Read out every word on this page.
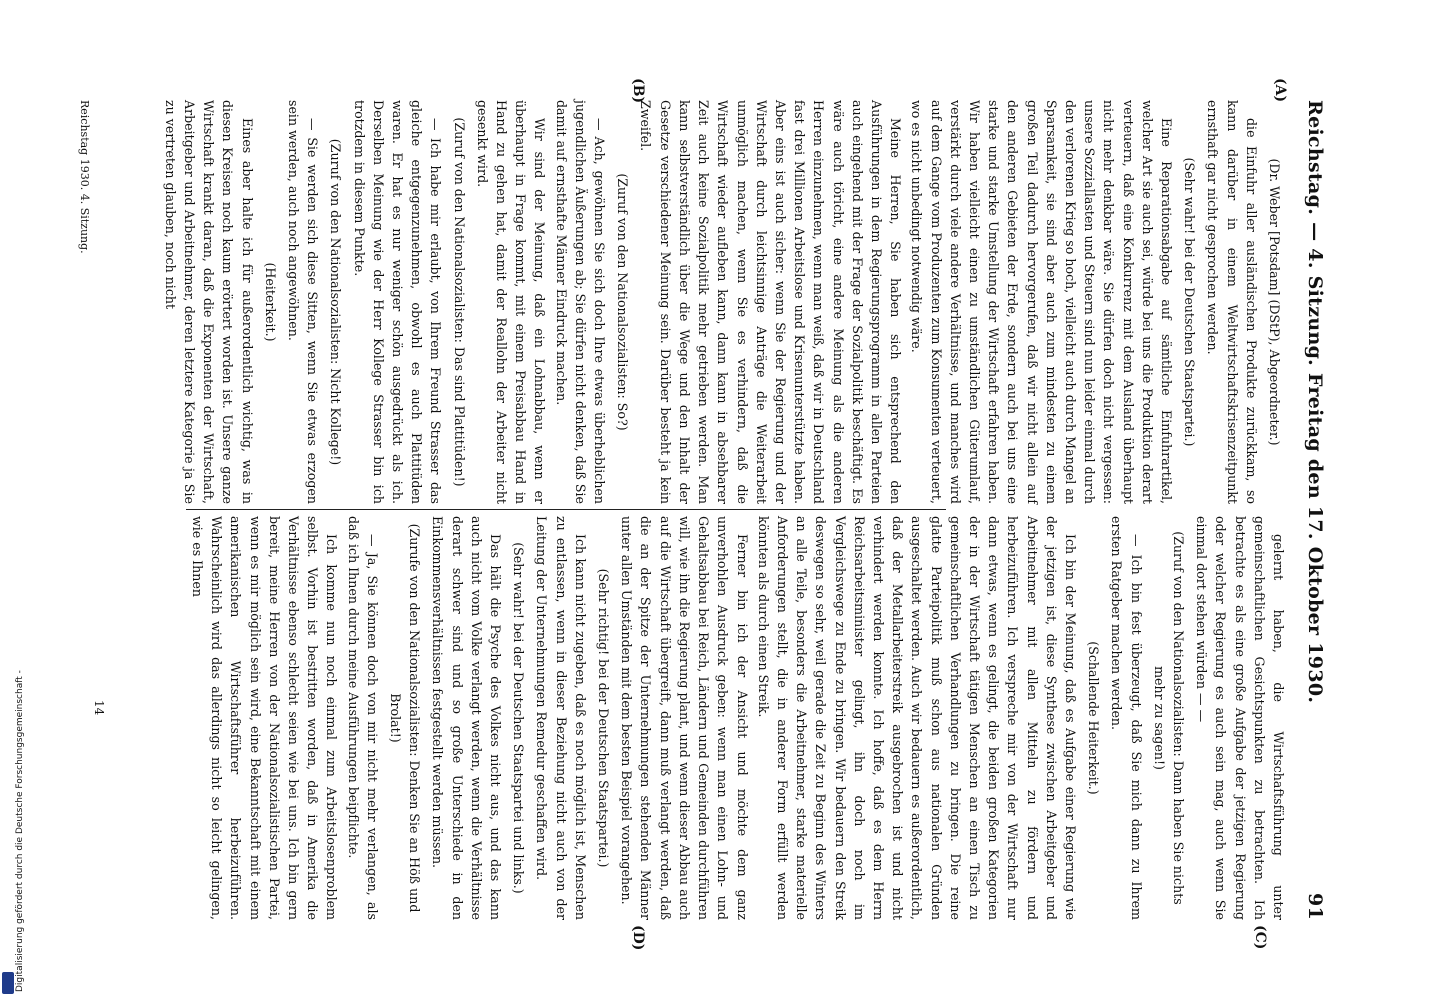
Reichstag. — 4. Sitzung. Freitag den 17. Oktober 1930.
91
(A)
(B)
(C)
(D)

(Dr. Weber [Potsdam] (DStP), Abgeordneter.)

die Einfuhr aller ausländischen Produkte zurückkam, so kann darüber in einem Weltwirtschaftskrisenzeitpunkt ernsthaft gar nicht gesprochen werden.

(Sehr wahr! bei der Deutschen Staatspartei.)

Eine Reparationsabgabe auf sämtliche Einfuhrartikel, welcher Art sie auch sei, würde bei uns die Produktion derart verteuern, daß eine Konkurrenz mit dem Ausland überhaupt nicht mehr denkbar wäre. Sie dürfen doch nicht vergessen: unsere Sozziallasten und Steuern sind nun leider einmal durch den verlorenen Krieg so hoch, vielleicht auch durch Mangel an Sparsamkeit, sie sind aber auch zum mindesten zu einem großen Teil dadurch hervorgerufen, daß wir nicht allein auf den anderen Gebieten der Erde, sondern auch bei uns eine starke und starke Umstellung der Wirtschaft erfahren haben. Wir haben vielleicht einen zu umständlichen Güterumlauf, verstärkt durch viele andere Verhältnisse, und manches wird auf dem Gange vom Produzenten zum Konsumenten verteuert, wo es nicht unbedingt notwendig wäre.

Meine Herren, Sie haben sich entsprechend den Ausführungen in dem Regierungsprogramm in allen Parteien auch eingehend mit der Frage der Sozialpolitik beschäftigt. Es wäre auch töricht, eine andere Meinung als die anderen Herren einzunehmen, wenn man weiß, daß wir in Deutschland fast drei Millionen Arbeitslose und Krisenunterstützte haben. Aber eins ist auch sicher: wenn Sie der Regierung und der Wirtschaft durch leichtsinnige Anträge die Weiterarbeit unmöglich machen, wenn Sie es verhindern, daß die Wirtschaft wieder aufleben kann, dann kann in absehbarer Zeit auch keine Sozialpolitik mehr getrieben werden. Man kann selbstverständlich über die Wege und den Inhalt der Gesetze verschiedener Meinung sein. Darüber besteht ja kein Zweifel.

(Zuruf von den Nationalsozialisten: So?)

— Ach, gewöhnen Sie sich doch Ihre etwas überheblichen jugendlichen Äußerungen ab; Sie dürfen nicht denken, daß Sie damit auf ernsthafte Männer Eindruck machen.

Wir sind der Meinung, daß ein Lohnabbau, wenn er überhaupt in Frage kommt, mit einem Preisabbau Hand in Hand zu gehen hat, damit der Reallohn der Arbeiter nicht gesenkt wird.

(Zuruf von den Nationalsozialisten: Das sind Plattitüden!)

— Ich habe mir erlaubt, von Ihrem Freund Strasser das gleiche entgegenzunehmen, obwohl es auch Plattitüden waren. Er hat es nur weniger schön ausgedrückt als ich. Derselben Meinung wie der Herr Kollege Strasser bin ich trotzdem in diesem Punkte.

(Zuruf von den Nationalsozialisten: Nicht Kollege!)

— Sie werden sich diese Sitten, wenn Sie etwas erzogen sein werden, auch noch angewöhnen.

(Heiterkeit.)

Eines aber halte ich für außerordentlich wichtig, was in diesen Kreisen noch kaum erörtert worden ist. Unsere ganze Wirtschaft krankt daran, daß die Exponenten der Wirtschaft, Arbeitgeber und Arbeitnehmer, deren letztere Kategorie ja Sie zu vertreten glauben, noch nicht

gelernt haben, die Wirtschaftsführung unter gemeinschaftlichen Gesichtspunkten zu betrachten. Ich betrachte es als eine große Aufgabe der jetzigen Regierung oder welcher Regierung es auch sein mag, auch wenn Sie einmal dort stehen würden — —

(Zuruf von den Nationalsozialisten: Dann haben Sie nichts mehr zu sagen!)

— Ich bin fest überzeugt, daß Sie mich dann zu Ihrem ersten Ratgeber machen werden.

(Schallende Heiterkeit.)

Ich bin der Meinung, daß es Aufgabe einer Regierung wie der jetzigen ist, diese Synthese zwischen Arbeitgeber und Arbeitnehmer mit allen Mitteln zu fördern und herbeizuführen. Ich verspreche mir von der Wirtschaft nur dann etwas, wenn es gelingt, die beiden großen Kategorien der in der Wirtschaft tätigen Menschen an einen Tisch zu gemeinschaftlichen Verhandlungen zu bringen. Die reine glatte Parteipolitik muß schon aus nationalen Gründen ausgeschaltet werden. Auch wir bedauern es außerordentlich, daß der Metallarbeiterstreik ausgebrochen ist und nicht verhindert werden konnte. Ich hoffe, daß es dem Herrn Reichsarbeitsminister gelingt, ihn doch noch im Vergleichswege zu Ende zu bringen. Wir bedauern den Streik deswegen so sehr, weil gerade die Zeit zu Beginn des Winters an alle Teile, besonders die Arbeitnehmer, starke materielle Anforderungen stellt, die in anderer Form erfüllt werden könnten als durch einen Streik.

Ferner bin ich der Ansicht und möchte dem ganz unverhohlen Ausdruck geben: wenn man einen Lohn- und Gehaltsabbau bei Reich, Ländern und Gemeinden durchführen will, wie ihn die Regierung plant, und wenn dieser Abbau auch auf die Wirtschaft übergreift, dann muß verlangt werden, daß die an der Spitze der Unternehmungen stehenden Männer unter allen Umständen mit dem besten Beispiel vorangehen.

(Sehr richtig! bei der Deutschen Staatspartei.)

Ich kann nicht zugeben, daß es noch möglich ist, Menschen zu entlassen, wenn in dieser Beziehung nicht auch von der Leitung der Unternehmungen Remedur geschaffen wird.

(Sehr wahr! bei der Deutschen Staatspartei und links.)

Das hält die Psyche des Volkes nicht aus, und das kann auch nicht vom Volke verlangt werden, wenn die Verhältnisse derart schwer sind und so große Unterschiede in den Einkommensverhältnissen festgestellt werden müssen.

(Zurufe von den Nationalsozialisten: Denken Sie an Höß und Brolat!)

— Ja, Sie können doch von mir nicht mehr verlangen, als daß ich Ihnen durch meine Ausführungen beipflichte.

Ich komme nun noch einmal zum Arbeitslosenproblem selbst. Vorhin ist bestritten worden, daß in Amerika die Verhältnisse ebenso schlecht seien wie bei uns. Ich bin gern bereit, meine Herren von der Nationalsozialistischen Partei, wenn es mir möglich sein wird, eine Bekanntschaft mit einem amerikanischen Wirtschaftsführer herbeizuführen. Wahrscheinlich wird das allerdings nicht so leicht gelingen, wie es Ihnen

Reichstag 1930. 4. Sitzung.
14
Digitalisierung gefördert durch die Deutsche Forschungsgemeinschaft -
